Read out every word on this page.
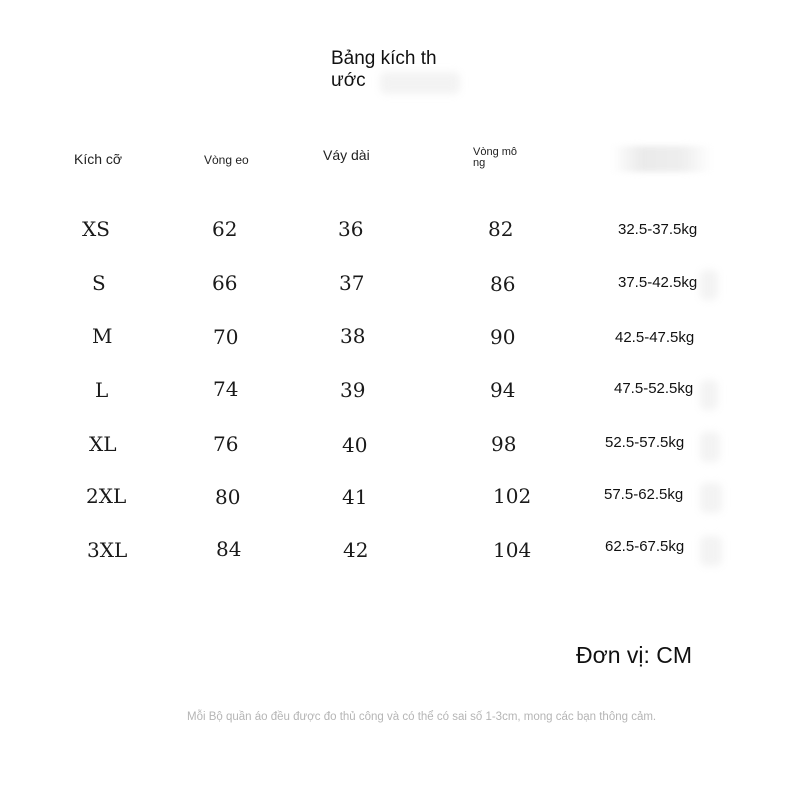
Bảng kích th
ước
Kích cỡ	Vòng eo	Váy dài	Vòng mô
ng
XS	62	36	82	32.5-37.5kg
S	66	37	86	37.5-42.5kg
M	70	38	90	42.5-47.5kg
L	74	39	94	47.5-52.5kg
XL	76	40	98	52.5-57.5kg
2XL	80	41	102	57.5-62.5kg
3XL	84	42	104	62.5-67.5kg
Đơn vị: CM
Mỗi Bộ quần áo đều được đo thủ công và có thể có sai số 1-3cm, mong các bạn thông cảm.
